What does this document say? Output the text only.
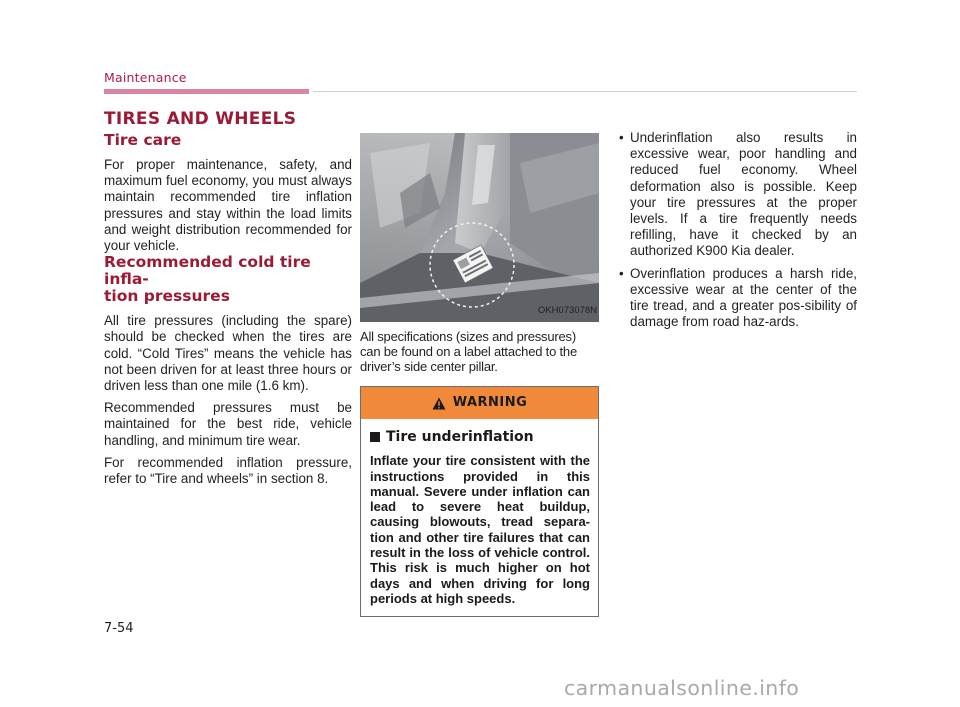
Maintenance
TIRES AND WHEELS
Tire care

For proper maintenance, safety, and maximum fuel economy, you must always maintain recommended tire inflation pressures and stay within the load limits and weight distribution recommended for your vehicle.

Recommended cold tire infla-
tion pressures

All tire pressures (including the spare) should be checked when the tires are cold. “Cold Tires” means the vehicle has not been driven for at least three hours or driven less than one mile (1.6 km).

Recommended pressures must be maintained for the best ride, vehicle handling, and minimum tire wear.

For recommended inflation pressure, refer to “Tire and wheels” in section 8.

OKH073078N

All specifications (sizes and pressures) can be found on a label attached to the driver’s side center pillar.

WARNING
Tire underinflation
Inflate your tire consistent with the instructions provided in this manual. Severe under inflation can lead to severe heat buildup, causing blowouts, tread separa-tion and other tire failures that can result in the loss of vehicle control. This risk is much higher on hot days and when driving for long periods at high speeds.
• Underinflation also results in excessive wear, poor handling and reduced fuel economy. Wheel deformation also is possible. Keep your tire pressures at the proper levels. If a tire frequently needs refilling, have it checked by an authorized K900 Kia dealer.
• Overinflation produces a harsh ride, excessive wear at the center of the tire tread, and a greater pos-sibility of damage from road haz-ards.
7-54
carmanualsonline.info
